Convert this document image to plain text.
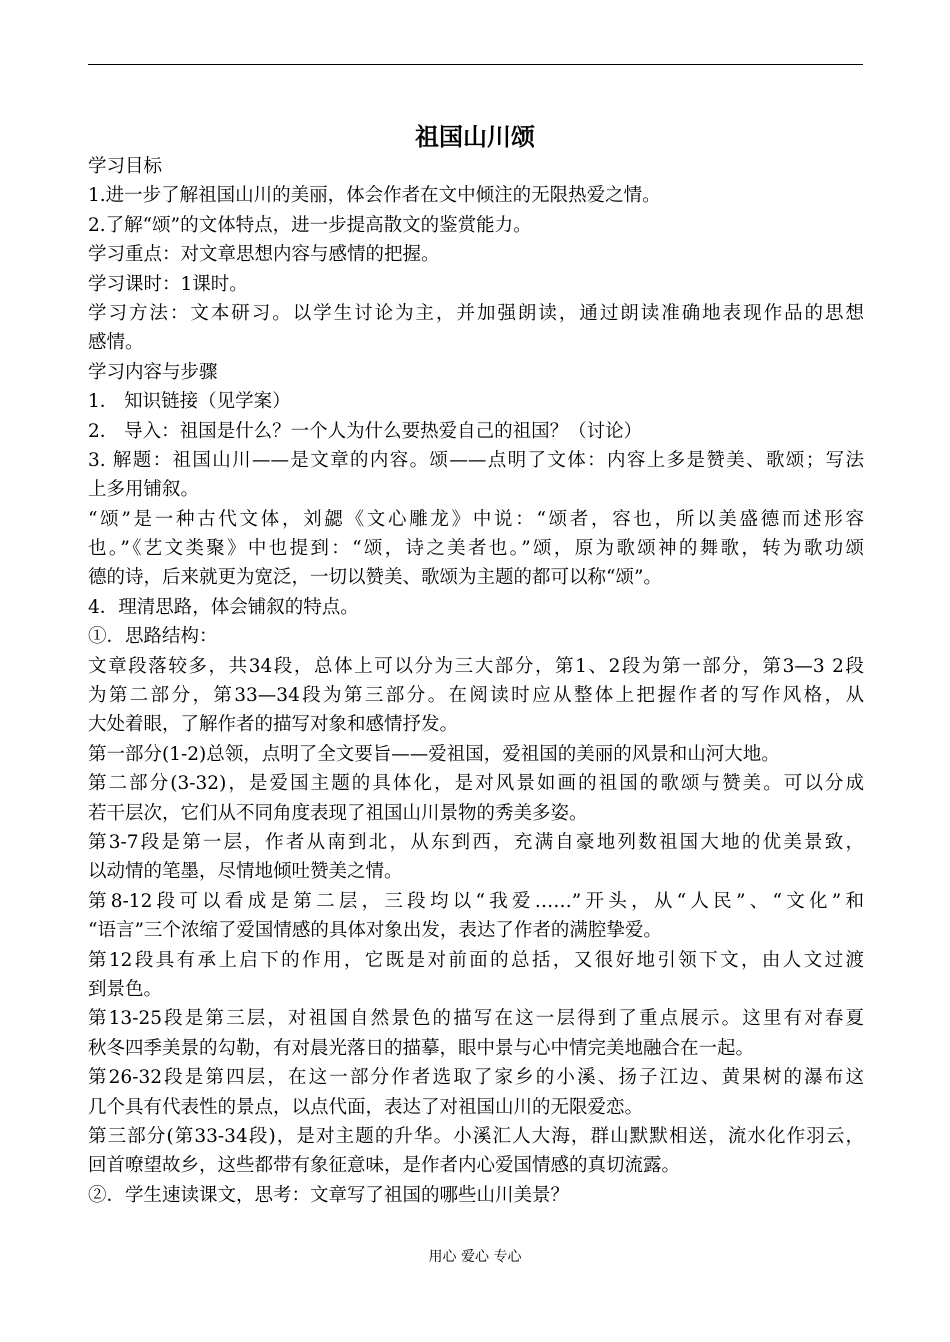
祖国山川颂
学习目标
1.进一步了解祖国山川的美丽，体会作者在文中倾注的无限热爱之情。
2.了解“颂”的文体特点，进一步提高散文的鉴赏能力。
学习重点：对文章思想内容与感情的把握。
学习课时：1课时。
学习方法：文本研习。以学生讨论为主，并加强朗读，通过朗读准确地表现作品的思想
感情。
学习内容与步骤
1． 知识链接（见学案）
2． 导入：祖国是什么？一个人为什么要热爱自己的祖国？（讨论）
3. 解题：祖国山川——是文章的内容。颂——点明了文体：内容上多是赞美、歌颂；写法
上多用铺叙。
“颂”是一种古代文体，刘勰《文心雕龙》中说：“颂者，容也，所以美盛德而述形容
也。”《艺文类聚》中也提到：“颂，诗之美者也。”颂，原为歌颂神的舞歌，转为歌功颂
德的诗，后来就更为宽泛，一切以赞美、歌颂为主题的都可以称“颂”。
4．理清思路，体会铺叙的特点。
①．思路结构：
文章段落较多，共34段，总体上可以分为三大部分，第1、2段为第一部分，第3—3 2段
为第二部分，第33—34段为第三部分。在阅读时应从整体上把握作者的写作风格，从
大处着眼，了解作者的描写对象和感情抒发。
第一部分(1-2)总领，点明了全文要旨——爱祖国，爱祖国的美丽的风景和山河大地。
第二部分(3-32)，是爱国主题的具体化，是对风景如画的祖国的歌颂与赞美。可以分成
若干层次，它们从不同角度表现了祖国山川景物的秀美多姿。
第3-7段是第一层，作者从南到北，从东到西，充满自豪地列数祖国大地的优美景致，
以动情的笔墨，尽情地倾吐赞美之情。
第8-12段可以看成是第二层，三段均以“我爱……”开头，从“人民”、“文化”和
“语言”三个浓缩了爱国情感的具体对象出发，表达了作者的满腔挚爱。
第12段具有承上启下的作用，它既是对前面的总括，又很好地引领下文，由人文过渡
到景色。
第13-25段是第三层，对祖国自然景色的描写在这一层得到了重点展示。这里有对春夏
秋冬四季美景的勾勒，有对晨光落日的描摹，眼中景与心中情完美地融合在一起。
第26-32段是第四层，在这一部分作者选取了家乡的小溪、扬子江边、黄果树的瀑布这
几个具有代表性的景点，以点代面，表达了对祖国山川的无限爱恋。
第三部分(第33-34段)，是对主题的升华。小溪汇人大海，群山默默相送，流水化作羽云，
回首嘹望故乡，这些都带有象征意味，是作者内心爱国情感的真切流露。
②．学生速读课文，思考：文章写了祖国的哪些山川美景？
用心 爱心 专心
